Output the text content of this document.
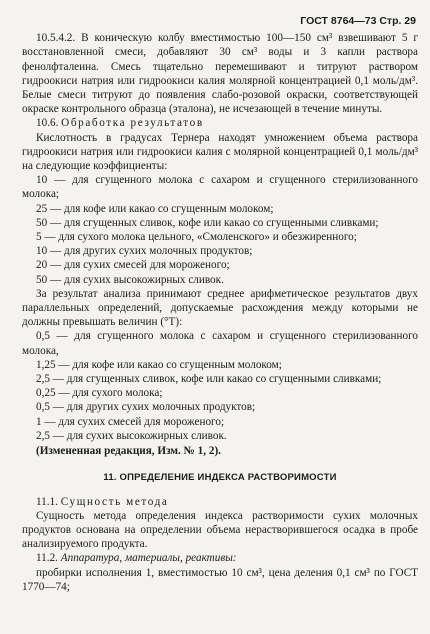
ГОСТ 8764—73 Стр. 29

10.5.4.2. В коническую колбу вместимостью 100—150 см³ взвешивают 5 г восстановленной смеси, добавляют 30 см³ воды и 3 капли раствора фенолфталеина. Смесь тщательно перемешивают и титруют раствором гидроокиси натрия или гидроокиси калия молярной концентрацией 0,1 моль/дм³. Белые смеси титруют до появления слабо-розовой окраски, соответствующей окраске контрольного образца (эталона), не исчезающей в течение минуты.

10.6. Обработка результатов

Кислотность в градусах Тернера находят умножением объема раствора гидроокиси натрия или гидроокиси калия с молярной концентрацией 0,1 моль/дм³ на следующие коэффициенты:

10 — для сгущенного молока с сахаром и сгущенного стерилизованного молока;

25 — для кофе или какао со сгущенным молоком;

50 — для сгущенных сливок, кофе или какао со сгущенными сливками;

5 — для сухого молока цельного, «Смоленского» и обезжиренного;

10 — для других сухих молочных продуктов;

20 — для сухих смесей для мороженого;

50 — для сухих высокожирных сливок.

За результат анализа принимают среднее арифметическое результатов двух параллельных определений, допускаемые расхождения между которыми не должны превышать величин (°Т):

0,5 — для сгущенного молока с сахаром и сгущенного стерилизованного молока,

1,25 — для кофе или какао со сгущенным молоком;

2,5 — для сгущенных сливок, кофе или какао со сгущенными сливками;

0,25 — для сухого молока;

0,5 — для других сухих молочных продуктов;

1 — для сухих смесей для мороженого;

2,5 — для сухих высокожирных сливок.

(Измененная редакция, Изм. № 1, 2).

11. ОПРЕДЕЛЕНИЕ ИНДЕКСА РАСТВОРИМОСТИ

11.1. Сущность метода

Сущность метода определения индекса растворимости сухих молочных продуктов основана на определении объема нерастворившегося осадка в пробе анализируемого продукта.

11.2. Аппаратура, материалы, реактивы:

пробирки исполнения 1, вместимостью 10 см³, цена деления 0,1 см³ по ГОСТ 1770—74;
